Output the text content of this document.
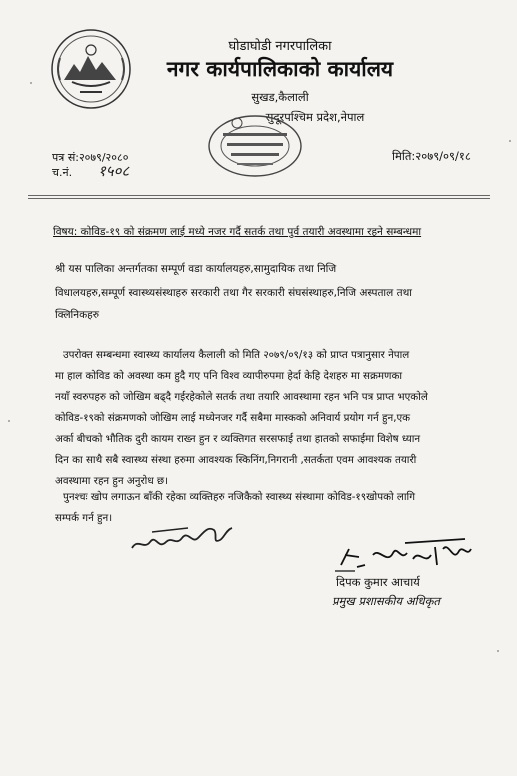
घोडाघोडी नगरपालिका
नगर कार्यपालिकाको कार्यालय
सुखड,कैलाली
सुदूरपश्चिम प्रदेश,नेपाल
पत्र सं:२०७९/२०८०
च.नं. १५०८
मिति:२०७९/०९/१८
विषय: कोविड-१९ को संक्रमण लाई मध्ये नजर गर्दै सतर्क तथा पुर्व तयारी अवस्थामा रहने सम्बन्धमा
श्री यस पालिका अन्तर्गतका सम्पूर्ण वडा कार्यालयहरु,सामुदायिक तथा निजि
विधालयहरु,सम्पूर्ण स्वास्थ्यसंस्थाहरु सरकारी तथा गैर सरकारी संघसंस्थाहरु,निजि अस्पताल तथा
क्लिनिकहरु
उपरोक्त सम्बन्धमा स्वास्थ्य कार्यालय कैलाली को मिति २०७९/०९/१३ को प्राप्त पत्रानुसार नेपाल
मा हाल कोविड को अवस्था कम हुदै गए पनि विश्व व्यापीरुपमा हेर्दा केहि देशहरु मा सक्रमणका
नयाँ स्वरुपहरु को जोखिम बढ्दै गईरहेकोले सतर्क तथा तयारि आवस्थामा रहन भनि पत्र प्राप्त भएकोले
कोविड-१९को संक्रमणको जोखिम लाई मध्येनजर गर्दै सबैमा मास्कको अनिवार्य प्रयोग गर्न हुन,एक
अर्का बीचको भौतिक दुरी कायम राख्न हुन र व्यक्तिगत सरसफाई तथा हातको सफाईमा विशेष ध्यान
दिन का साथै सबै स्वास्थ्य संस्था हरुमा आवश्यक स्किनिंग,निगरानी ,सतर्कता एवम आवश्यक तयारी
अवस्थामा रहन हुन अनुरोध छ।
पुनश्चः खोप लगाऊन बाँकी रहेका व्यक्तिहरु नजिकैको स्वास्थ्य संस्थामा कोविड-१९खोपको लागि
सम्पर्क गर्न हुन।
दिपक कुमार आचार्य
प्रमुख प्रशासकीय अधिकृत
